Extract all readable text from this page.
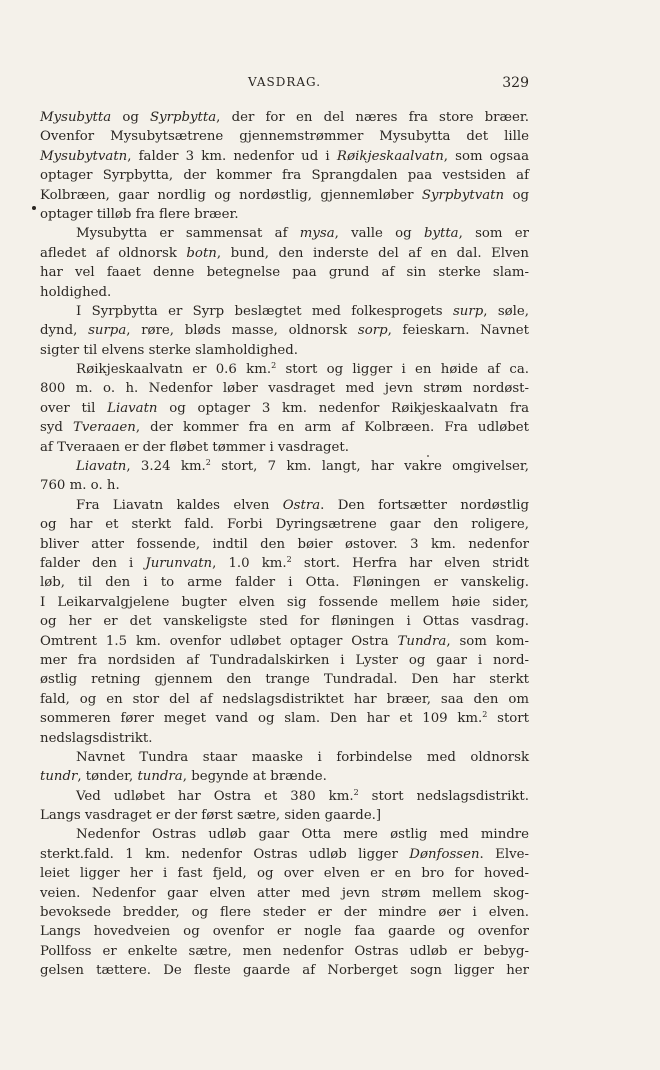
VASDRAG.	329
Mysubytta og Syrpbytta, der for en del næres fra store bræer.
Ovenfor Mysubytsætrene gjennemstrømmer Mysubytta det lille
Mysubytvatn, falder 3 km. nedenfor ud i Røikjeskaalvatn, som ogsaa
optager Syrpbytta, der kommer fra Sprangdalen paa vestsiden af
Kolbræen, gaar nordlig og nordøstlig, gjennemløber Syrpbytvatn og
optager tilløb fra flere bræer.
Mysubytta er sammensat af mysa, valle og bytta, som er
afledet af oldnorsk botn, bund, den inderste del af en dal. Elven
har vel faaet denne betegnelse paa grund af sin sterke slam-
holdighed.
I Syrpbytta er Syrp beslægtet med folkesprogets surp, søle,
dynd, surpa, røre, bløds masse, oldnorsk sorp, feieskarn. Navnet
sigter til elvens sterke slamholdighed.
Røikjeskaalvatn er 0.6 km.$^2$ stort og ligger i en høide af ca.
800 m. o. h. Nedenfor løber vasdraget med jevn strøm nordøst-
over til Liavatn og optager 3 km. nedenfor Røikjeskaalvatn fra
syd Tveraaen, der kommer fra en arm af Kolbræen. Fra udløbet
af Tveraaen er der fløbet tømmer i vasdraget.
Liavatn, 3.24 km.$^2$ stort, 7 km. langt, har vakre omgivelser,
760 m. o. h.
Fra Liavatn kaldes elven Ostra. Den fortsætter nordøstlig
og har et sterkt fald. Forbi Dyringsætrene gaar den roligere,
bliver atter fossende, indtil den bøier østover. 3 km. nedenfor
falder den i Jurunvatn, 1.0 km.$^2$ stort. Herfra har elven stridt
løb, til den i to arme falder i Otta. Fløningen er vanskelig.
I Leikarvalgjelene bugter elven sig fossende mellem høie sider,
og her er det vanskeligste sted for fløningen i Ottas vasdrag.
Omtrent 1.5 km. ovenfor udløbet optager Ostra Tundra, som kom-
mer fra nordsiden af Tundradalskirken i Lyster og gaar i nord-
østlig retning gjennem den trange Tundradal. Den har sterkt
fald, og en stor del af nedslagsdistriktet har bræer, saa den om
sommeren fører meget vand og slam. Den har et 109 km.$^2$ stort
nedslagsdistrikt.
Navnet Tundra staar maaske i forbindelse med oldnorsk
tundr, tønder, tundra, begynde at brænde.
Ved udløbet har Ostra et 380 km.$^2$ stort nedslagsdistrikt.
Langs vasdraget er der først sætre, siden gaarde.]
Nedenfor Ostras udløb gaar Otta mere østlig med mindre
sterkt.fald. 1 km. nedenfor Ostras udløb ligger Dønfossen. Elve-
leiet ligger her i fast fjeld, og over elven er en bro for hoved-
veien. Nedenfor gaar elven atter med jevn strøm mellem skog-
bevoksede bredder, og flere steder er der mindre øer i elven.
Langs hovedveien og ovenfor er nogle faa gaarde og ovenfor
Pollfoss er enkelte sætre, men nedenfor Ostras udløb er bebyg-
gelsen tættere. De fleste gaarde af Norberget sogn ligger her
